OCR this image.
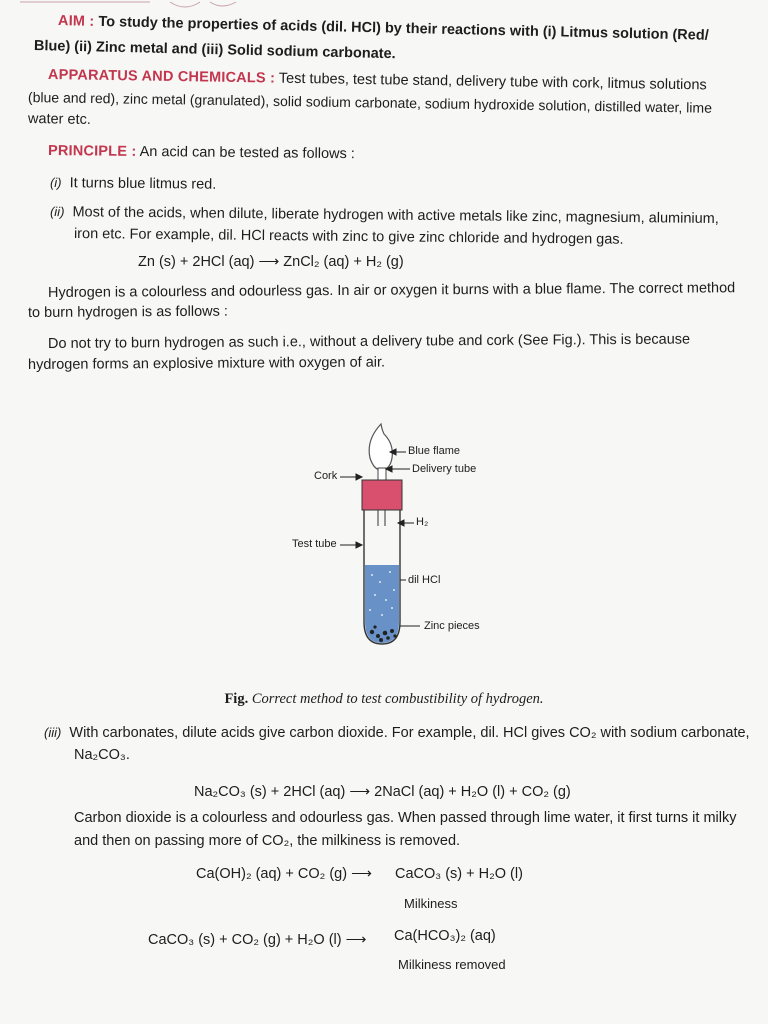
AIM : To study the properties of acids (dil. HCl) by their reactions with (i) Litmus solution (Red/
Blue) (ii) Zinc metal and (iii) Solid sodium carbonate.
APPARATUS AND CHEMICALS : Test tubes, test tube stand, delivery tube with cork, litmus solutions
(blue and red), zinc metal (granulated), solid sodium carbonate, sodium hydroxide solution, distilled water, lime
water etc.
PRINCIPLE : An acid can be tested as follows :
(i) It turns blue litmus red.
(ii) Most of the acids, when dilute, liberate hydrogen with active metals like zinc, magnesium, aluminium,
iron etc. For example, dil. HCl reacts with zinc to give zinc chloride and hydrogen gas.
Zn (s) + 2HCl (aq) ⟶ ZnCl₂ (aq) + H₂ (g)
Hydrogen is a colourless and odourless gas. In air or oxygen it burns with a blue flame. The correct method
to burn hydrogen is as follows :
Do not try to burn hydrogen as such i.e., without a delivery tube and cork (See Fig.). This is because
hydrogen forms an explosive mixture with oxygen of air.
Blue flame
Delivery tube
Cork
H₂
Test tube
dil HCl
Zinc pieces
Fig. Correct method to test combustibility of hydrogen.
(iii) With carbonates, dilute acids give carbon dioxide. For example, dil. HCl gives CO₂ with sodium carbonate,
Na₂CO₃.
Na₂CO₃ (s) + 2HCl (aq) ⟶ 2NaCl (aq) + H₂O (l) + CO₂ (g)
Carbon dioxide is a colourless and odourless gas. When passed through lime water, it first turns it milky
and then on passing more of CO₂, the milkiness is removed.
Ca(OH)₂ (aq) + CO₂ (g) ⟶ CaCO₃ (s) + H₂O (l)
Milkiness
CaCO₃ (s) + CO₂ (g) + H₂O (l) ⟶ Ca(HCO₃)₂ (aq)
Milkiness removed
